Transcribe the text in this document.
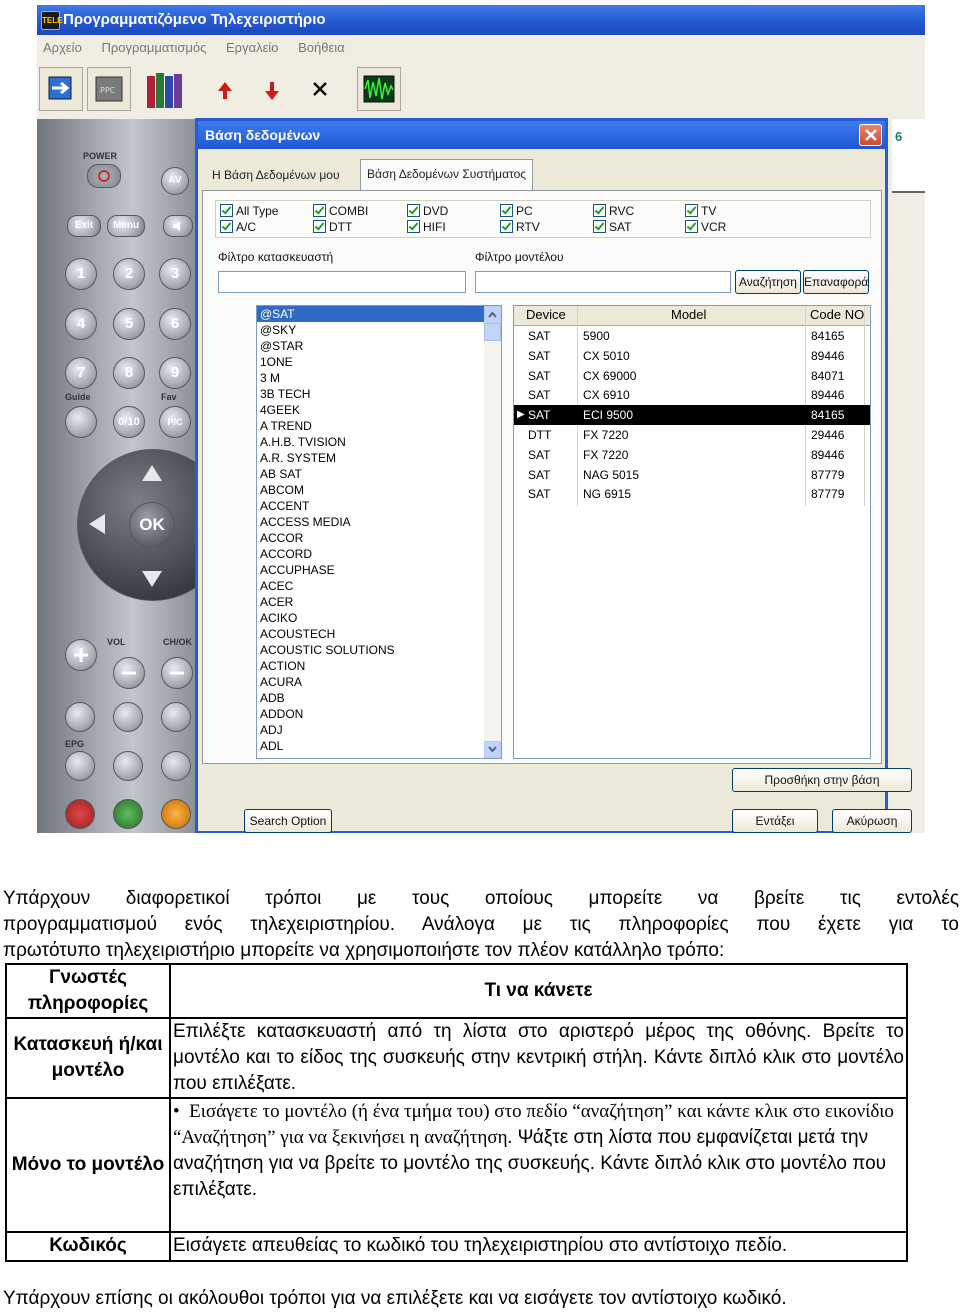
TELE Προγραμματιζόμενο Τηλεχειριστήριο
Αρχείο Προγραμματισμός Εργαλείο Βοήθεια
PPC
POWER
AV
Exit	Menu
1	2	3
4	5	6
7	8	9
Guide	Fav
0/10	P/C
OK
VOL	CH/OK
EPG
6
Βάση δεδομένων
Η Βάση Δεδομένων μου	Βάση Δεδομένων Συστήματος
All Type
A/C
COMBI
DTT
DVD
HIFI
PC
RTV
RVC
SAT
TV
VCR
Φίλτρο κατασκευαστή	Φίλτρο μοντέλου
Αναζήτηση Επαναφορά
@SAT
@SKY
@STAR
1ONE
3 M
3B TECH
4GEEK
A TREND
A.H.B. TVISION
A.R. SYSTEM
AB SAT
ABCOM
ACCENT
ACCESS MEDIA
ACCOR
ACCORD
ACCUPHASE
ACEC
ACER
ACIKO
ACOUSTECH
ACOUSTIC SOLUTIONS
ACTION
ACURA
ADB
ADDON
ADJ
ADL
Device	Model	Code NO
SAT	5900	84165
SAT	CX 5010	89446
SAT	CX 69000	84071
SAT	CX 6910	89446
▶ SAT	ECI 9500	84165
DTT	FX 7220	29446
SAT	FX 7220	89446
SAT	NAG 5015	87779
SAT	NG 6915	87779
Προσθήκη στην βάση
Search Option	Εντάξει	Ακύρωση
Υπάρχουν διαφορετικοί τρόποι με τους οποίους μπορείτε να βρείτε τις εντολές
προγραμματισμού ενός τηλεχειριστηρίου. Ανάλογα με τις πληροφορίες που έχετε για το
πρωτότυπο τηλεχειριστήριο μπορείτε να χρησιμοποιήστε τον πλέον κατάλληλο τρόπο:
Γνωστές πληροφορίες	Τι να κάνετε
Κατασκευή ή/και μοντέλο	Επιλέξτε κατασκευαστή από τη λίστα στο αριστερό μέρος της οθόνης. Βρείτε το μοντέλο και το είδος της συσκευής στην κεντρική στήλη. Κάντε διπλό κλικ στο μοντέλο που επιλέξατε.
Μόνο το μοντέλο	•  Εισάγετε το μοντέλο (ή ένα τμήμα του) στο πεδίο “αναζήτηση” και κάντε κλικ στο εικονίδιο “Αναζήτηση” για να ξεκινήσει η αναζήτηση. Ψάξτε στη λίστα που εμφανίζεται μετά την αναζήτηση για να βρείτε το μοντέλο της συσκευής. Κάντε διπλό κλικ στο μοντέλο που επιλέξατε.
Κωδικός	Εισάγετε απευθείας το κωδικό του τηλεχειριστηρίου στο αντίστοιχο πεδίο.
Υπάρχουν επίσης οι ακόλουθοι τρόποι για να επιλέξετε και να εισάγετε τον αντίστοιχο κωδικό.
